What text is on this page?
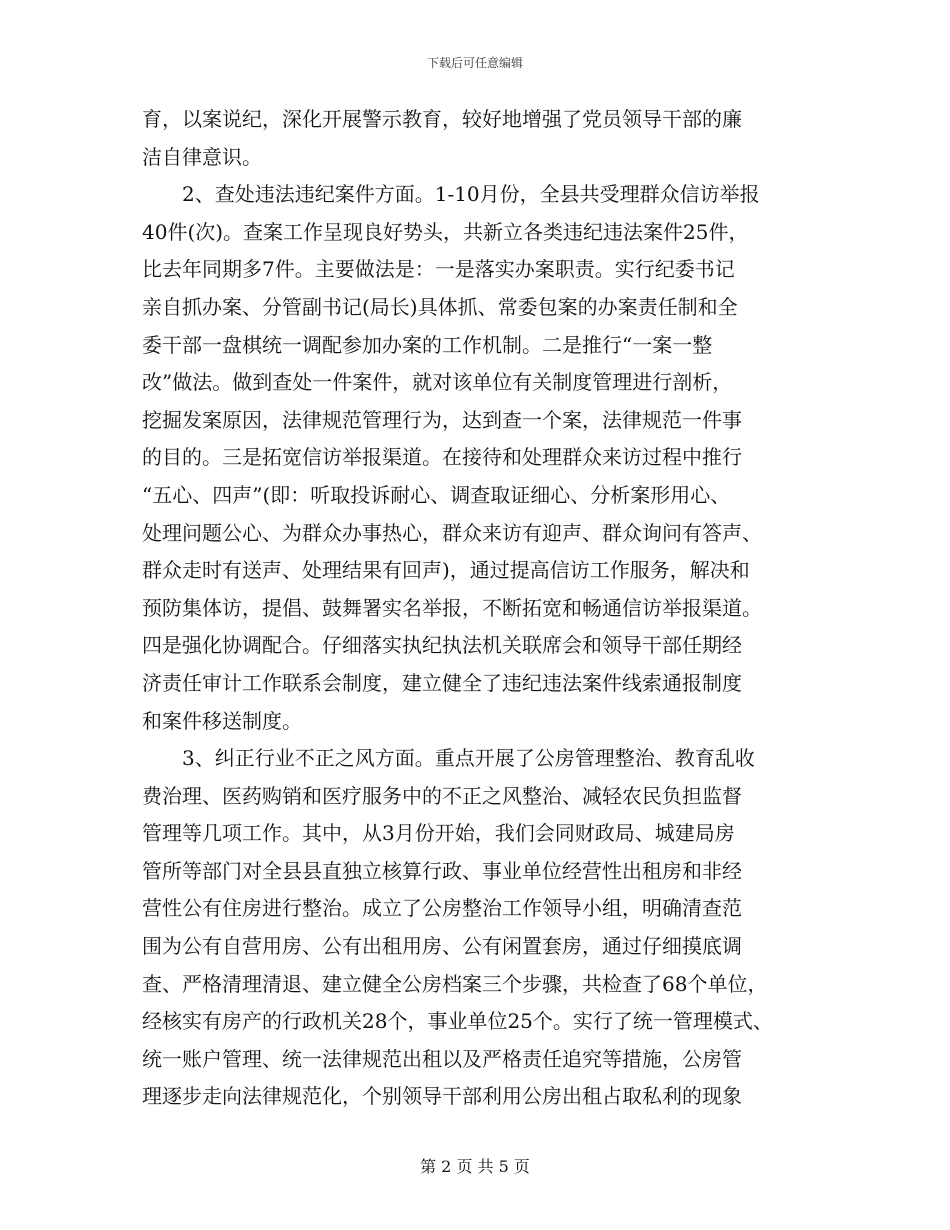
下载后可任意编辑
育，以案说纪，深化开展警示教育，较好地增强了党员领导干部的廉
洁自律意识。
　　2、查处违法违纪案件方面。1-10月份，全县共受理群众信访举报
40件(次)。查案工作呈现良好势头，共新立各类违纪违法案件25件，
比去年同期多7件。主要做法是：一是落实办案职责。实行纪委书记
亲自抓办案、分管副书记(局长)具体抓、常委包案的办案责任制和全
委干部一盘棋统一调配参加办案的工作机制。二是推行“一案一整
改”做法。做到查处一件案件，就对该单位有关制度管理进行剖析，
挖掘发案原因，法律规范管理行为，达到查一个案，法律规范一件事
的目的。三是拓宽信访举报渠道。在接待和处理群众来访过程中推行
“五心、四声”(即：听取投诉耐心、调查取证细心、分析案形用心、
处理问题公心、为群众办事热心，群众来访有迎声、群众询问有答声、
群众走时有送声、处理结果有回声)，通过提高信访工作服务，解决和
预防集体访，提倡、鼓舞署实名举报，不断拓宽和畅通信访举报渠道。
四是强化协调配合。仔细落实执纪执法机关联席会和领导干部任期经
济责任审计工作联系会制度，建立健全了违纪违法案件线索通报制度
和案件移送制度。
　　3、纠正行业不正之风方面。重点开展了公房管理整治、教育乱收
费治理、医药购销和医疗服务中的不正之风整治、减轻农民负担监督
管理等几项工作。其中，从3月份开始，我们会同财政局、城建局房
管所等部门对全县县直独立核算行政、事业单位经营性出租房和非经
营性公有住房进行整治。成立了公房整治工作领导小组，明确清查范
围为公有自营用房、公有出租用房、公有闲置套房，通过仔细摸底调
查、严格清理清退、建立健全公房档案三个步骤，共检查了68个单位，
经核实有房产的行政机关28个，事业单位25个。实行了统一管理模式、
统一账户管理、统一法律规范出租以及严格责任追究等措施，公房管
理逐步走向法律规范化，个别领导干部利用公房出租占取私利的现象
第 2 页 共 5 页
